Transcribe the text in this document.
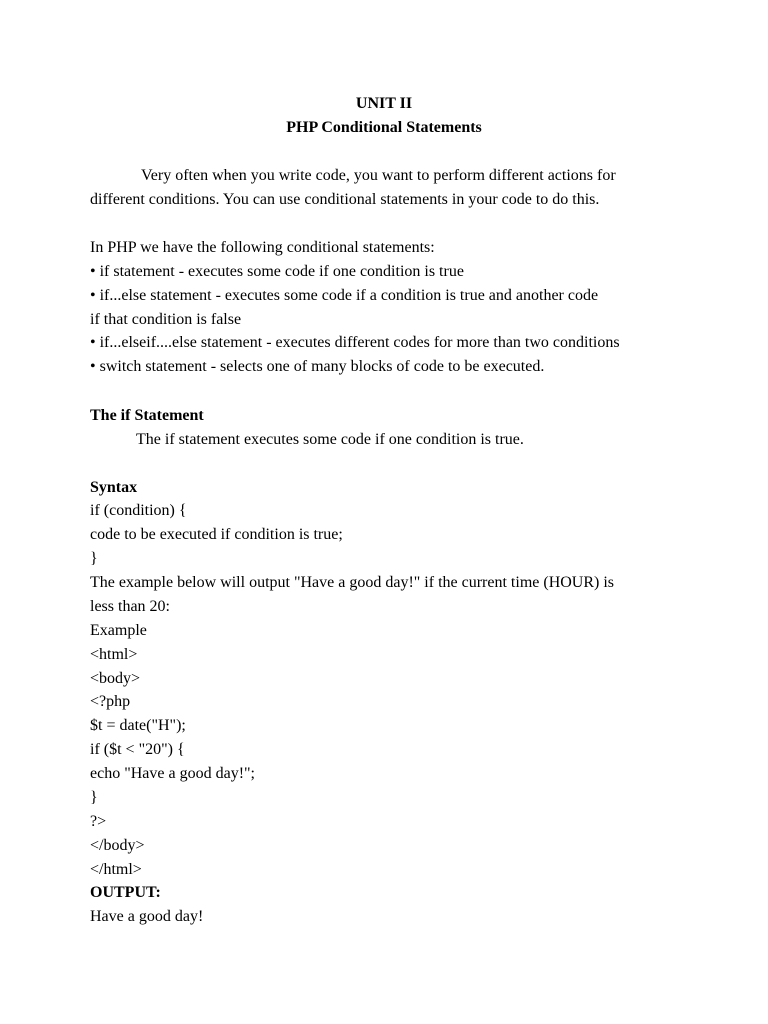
UNIT II
PHP Conditional Statements
Very often when you write code, you want to perform different actions for
different conditions. You can use conditional statements in your code to do this.
In PHP we have the following conditional statements:
• if statement - executes some code if one condition is true
• if...else statement - executes some code if a condition is true and another code
if that condition is false
• if...elseif....else statement - executes different codes for more than two conditions
• switch statement - selects one of many blocks of code to be executed.
The if Statement
The if statement executes some code if one condition is true.
Syntax
if (condition) {
code to be executed if condition is true;
}
The example below will output "Have a good day!" if the current time (HOUR) is
less than 20:
Example
<html>
<body>
<?php
$t = date("H");
if ($t < "20") {
echo "Have a good day!";
}
?>
</body>
</html>
OUTPUT:
Have a good day!
